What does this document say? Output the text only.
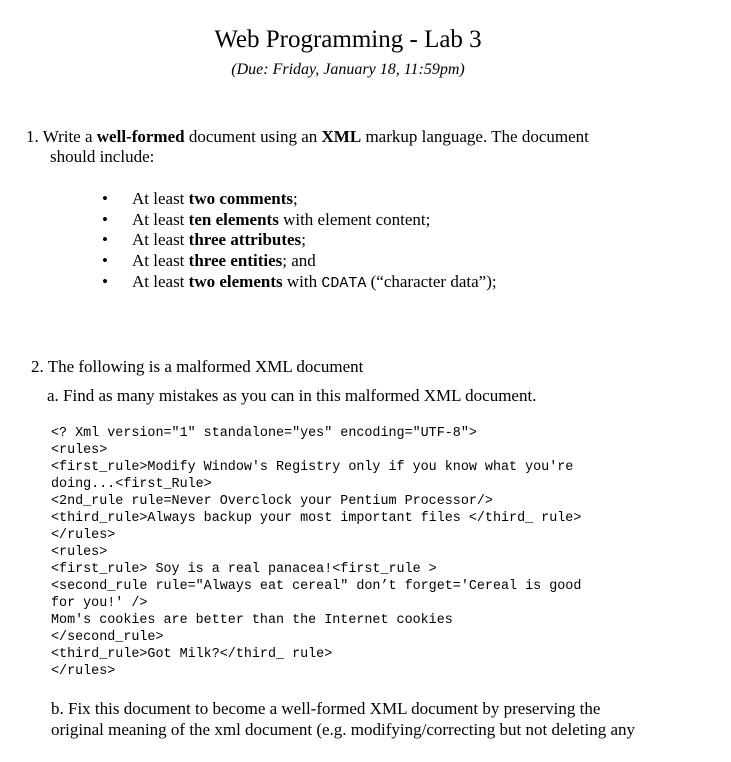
Web Programming - Lab 3
(Due: Friday, January 18, 11:59pm)
1. Write a well-formed document using an XML markup language. The document
should include:
• At least two comments;
• At least ten elements with element content;
• At least three attributes;
• At least three entities; and
• At least two elements with CDATA (“character data”);
2. The following is a malformed XML document
a. Find as many mistakes as you can in this malformed XML document.
<? Xml version="1" standalone="yes" encoding="UTF-8">
<rules>
<first_rule>Modify Window's Registry only if you know what you're
doing...<first_Rule>
<2nd_rule rule=Never Overclock your Pentium Processor/>
<third_rule>Always backup your most important files </third_ rule>
</rules>
<rules>
<first_rule> Soy is a real panacea!<first_rule >
<second_rule rule="Always eat cereal" don’t forget='Cereal is good
for you!' />
Mom's cookies are better than the Internet cookies
</second_rule>
<third_rule>Got Milk?</third_ rule>
</rules>
b. Fix this document to become a well-formed XML document by preserving the
original meaning of the xml document (e.g. modifying/correcting but not deleting any
